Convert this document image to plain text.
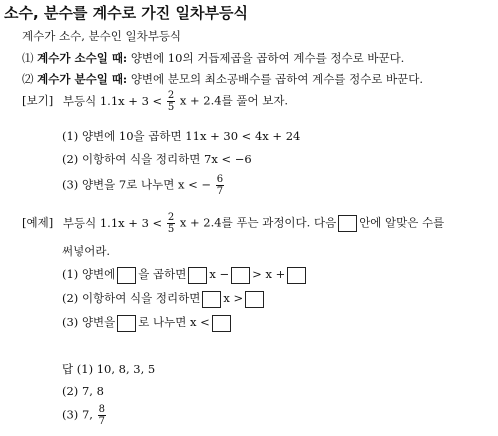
소수, 분수를 계수로 가진 일차부등식
계수가 소수, 분수인 일차부등식
⑴ 계수가 소수일 때: 양변에 10의 거듭제곱을 곱하여 계수를 정수로 바꾼다.
⑵ 계수가 분수일 때: 양변에 분모의 최소공배수를 곱하여 계수를 정수로 바꾼다.
[보기] 부등식 $1.1x + 3 < \frac{2}{5}$ x + 2.4를 풀어 보자.
(1) 양변에 10을 곱하면 11x + 30 < 4x + 24
(2) 이항하여 식을 정리하면 7x < −6
(3) 양변을 7로 나누면 x < − $\frac{6}{7}$
[예제] 부등식 $1.1x + 3 < \frac{2}{5}$ x + 2.4를 푸는 과정이다. 다음 안에 알맞은 수를
써넣어라.
(1) 양변에 을 곱하면 x − > x +
(2) 이항하여 식을 정리하면 x >
(3) 양변을 로 나누면 x <
답 (1) 10, 8, 3, 5
(2) 7, 8
(3) 7, $\frac{8}{7}$
